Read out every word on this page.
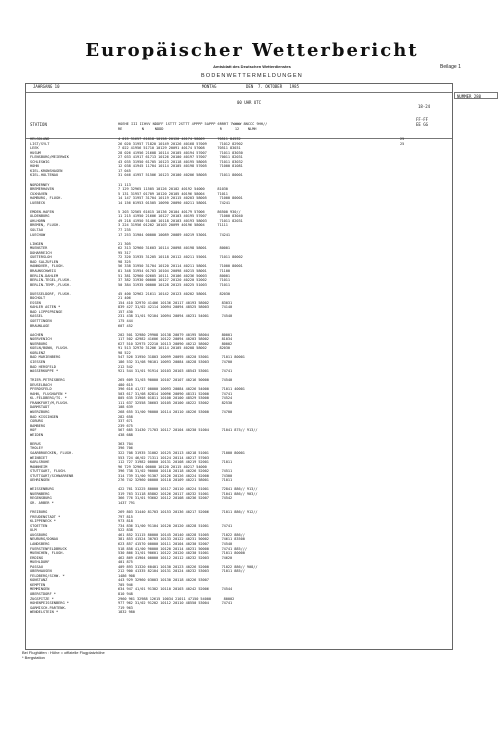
Europäischer Wetterbericht
Amtsblatt des Deutschen Wetterdienstes	Beilage 1
BODENWETTERMELDUNGEN
NUMMER 280
JAHRGANG 10	MONTAG	DEN  7. OKTOBER   1985
00 UHR UTC
18-24
STATION	HOEHE III IIHVV NDDFF 1STTT 2STTT 4PPPP 5APPP 6RRRT 7WWWW 8NCCC 9HH//
RE         N     NDDD                          R      12    NLMH
FF-FF
EE GG
HELGOLAND	4 015 31657 61818 10158 20120 40174 58009      70511 84532	25
LIST/SYLT	26 020 31957 71820 10149 20126 40168 57009      71012 82902	25
LEEK	7 022 41956 51710 10129 20091 40174 57008      70511 83031
HUSUM	28 026 41956 21608 10114 20105 40194 57007      71011 83030
FLENSBURG/MEIERWIK	27 033 41917 61713 10126 20100 40197 57007      70011 82031
SCHLESWIG	43 035 31950 61705 10123 20118 40195 58005      71011 83032
HOHN	12 038 41945 11704 10114 20105 40198 57005      71000 81081
KIEL-KRONSHAGEN	17 045
KIEL-HOLTENAU	31 046 41957 51506 10123 20100 40206 58005      71011 80001
NORDERNEY	11 113
BREMERHAVEN	7 129 32965 11505 10126 20102 40192 54000      81030
CUXHAVEN	5 131 31957 01709 10120 20105 40196 58004      71011
HAMBURG, FLUGH.	14 147 31957 31704 10119 20115 40203 58005      71000 80001
LUEBECK	14 156 01953 01505 10090 20090 40211 58001      74241
EMDEN-HAFEN	5 203 32565 61615 10136 20104 40179 57006      86500 930//
OLDENBURG	11 215 41950 21606 10127 20103 40195 57007      71000 83040
AHLHORN	49 218 41950 51406 10118 20103 40193 58003      71011 82031
BREMEN, FLUGH.	3 224 31956 01202 10103 20099 40196 58004      71111
SOLTAU	77 235
LUECHOW	17 253 31904 00000 10089 20089 40219 53001      74241
LINGEN	21 305
MUENSTER	62 313 32960 31603 10114 20098 40198 58001      80001
DOHARREICH	95 317
GUETERSLOH	72 320 31935 31205 10118 20112 40211 55001      71011 80002
BAD SALZUFLEN	98 325
HANNOVER, FLUGH.	56 338 31950 31704 10120 20114 40211 58001      71000 80001
BRAUNSCHWEIG	81 348 31954 01703 10104 20098 40215 58001      71100
BERLIN-DAHLEM	51 381 32960 02605 10111 20106 40236 50003      80001
BERLIN-TEGEL,FLUGH.	37 382 31930 00000 10127 20120 40220 52002      71011
BERLIN-TEMP.,FLUGH.	50 384 31935 00000 10128 20125 40225 51003      71011
DUESSELDORF, FLUGH.	45 400 32962 21611 10142 20123 40202 58001      82030
BOCHOLT	21 406
ESSEN	154 410 32970 41406 10136 20117 40193 58002      83031
KAHLER ASTEN *	839 427 31/02 42114 10094 20094 48525 58003      74140
BAD LIPPSPRINGE	157 430
KASSEL	231 438 31/01 92104 10094 20094 40231 54001      74540
GOETTINGEN	175 444
BRAUNLAGE	607 452
AACHEN	202 501 32980 29908 10138 20079 40195 58004      80001
NOERVENICH	117 502 42982 41606 10122 20094 40203 58002      81034
NUERBURG	627 510 32975 22210 10113 20090 40212 58002      80002
KOELN/BONN, FLUGH.	91 513 32970 31206 10114 20105 40208 58002      82030
KOBLENZ	98 522
BAD MARIENBERG	547 526 31950 31803 10099 20095 40220 53001      71011 80001
GIESSEN	186 532 31/08 90101 10093 20084 40228 53003      74700
BAD HERSFELD	212 542
WASSERKUPPE *	921 544 31/01 91914 10103 20103 48543 53001      74741
TRIER-PETRISBERG	265 609 31/03 90000 10107 20107 40216 50000      74540
DEUSELBACH	480 615
PFERDSFELD	396 616 41/37 00000 10093 20084 40226 54000      71011 40001
HAHN, FLUGHAFEN *	503 617 31/08 82814 10096 20090 48131 52000      74741
KL.FELDBERG/TS. *	805 635 31908 01811 10100 20100 48529 53000      74524
FRANKFURT/M,FLUGH.	111 637 32558 30603 10105 20100 40222 53002      82530
DARMSTADT	108 639
WUERZBURG	268 655 31/00 90000 10114 20110 40226 53000      74700
BAD KISSINGEN	282 658
COBURG	337 671
BAMBERG	239 675
HOF	567 685 31430 71703 10117 20104 40230 51004      71041 875// 913//
WEIDEN	438 688
BERUS	363 704
THOLEY	396 706
SAARBRUECKEN, FLUGH.	322 708 31935 31002 10125 20113 40218 51001      71000 80001
WEINBIET	553 724 46/02 71311 10124 20114 40217 57003
KARLSRUHE	112 727 31982 00000 10131 20108 40219 52001      71011
MANNHEIM	96 729 32964 00000 10120 20115 40217 54000
STUTTGART, FLUGH.	396 738 31/02 90000 10118 20118 40226 52002      74511
STUTTGART/SCHNARRENB	314 739 31/00 91307 10126 20126 40224 52000      74300
OEHRINGEN	276 742 32960 00000 10118 20109 40221 58001      71011
WEISSENBURG	422 761 31225 80000 10117 20110 40224 51001      72841 886// 913//
NUERNBERG	319 763 31118 85802 10126 20117 40232 51001      71041 886// 903//
REGENSBURG	366 776 31/01 93602 10112 20108 40236 52007      74542
GR. ARBER *	1437 791
FREIBURG	269 803 31440 81703 10153 20136 40217 52006      71011 886// 912//
FREUDENSTADT *	797 815
KLIPPENECK *	973 818
STOETTEN	734 836 31/00 91104 10120 20120 40228 51001      74741
ULM	522 838
AUGSBURG	461 852 31115 80000 10145 20140 40228 51005      71022 886//
NEUBURG/DONAU	381 853 41524 30703 10133 20122 40231 50002      74611 83500
LANDSBERG	623 857 41570 00000 10111 20104 40230 52007      74540
FUERSTENFELDBRUCK	518 858 41/00 90000 10120 20114 40231 50000      74741 885///
MUENCHEN, FLUGH.	530 866 31/01 90601 10122 20120 40230 51001      71011 80000
ERDING	462 869 41904 00000 10112 20112 40232 52003      74620
MUEHLDORF	401 875
PASSAU	409 893 31320 60401 10130 20123 40226 52000      71022 886// 908//
OBERHAUSEN	212 900 41335 82104 10131 20124 40232 53003      71011 885//
FELDBERG/SCHW. *	1486 908
KONSTANZ	443 929 32960 03003 10130 20118 40226 53007
KEMPTEN	705 946
MEMMINGEN	634 947 41/01 91302 10110 20103 40242 52006      74544
OBERSTDORF *	810 948
ZUGSPITZE *	2960 961 32988 12615 10034 21011 47150 54000      80002
HOHENPEISSENBERG *	977 962 31/02 91202 10112 20110 48550 53004      74741
GARMISCH-PARTENK.	719 963
WENDELSTEIN *	1832 980
Bei Flughäfen : Höhe = offizielle Flugplatzhöhe
* Bergstation
